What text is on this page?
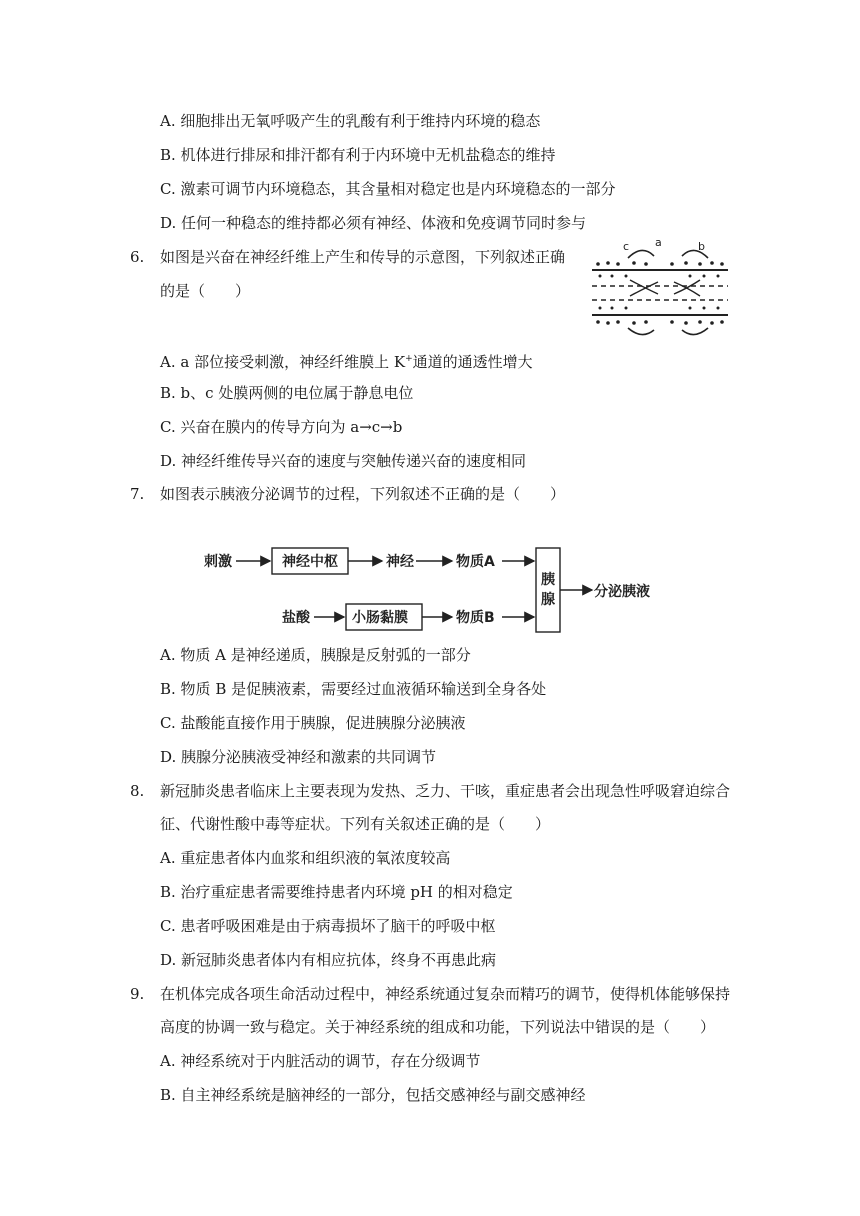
A. 细胞排出无氧呼吸产生的乳酸有利于维持内环境的稳态
B. 机体进行排尿和排汗都有利于内环境中无机盐稳态的维持
C. 激素可调节内环境稳态，其含量相对稳定也是内环境稳态的一部分
D. 任何一种稳态的维持都必须有神经、体液和免疫调节同时参与
6. 如图是兴奋在神经纤维上产生和传导的示意图，下列叙述正确
的是（　　）
c a	b
A. a 部位接受刺激，神经纤维膜上 K+通道的通透性增大
B. b、c 处膜两侧的电位属于静息电位
C. 兴奋在膜内的传导方向为 a→c→b
D. 神经纤维传导兴奋的速度与突触传递兴奋的速度相同
7. 如图表示胰液分泌调节的过程，下列叙述不正确的是（　　）
刺激	神经中枢	神经	物质A
盐酸	小肠黏膜	物质B
胰
腺	分泌胰液
A. 物质 A 是神经递质，胰腺是反射弧的一部分
B. 物质 B 是促胰液素，需要经过血液循环输送到全身各处
C. 盐酸能直接作用于胰腺，促进胰腺分泌胰液
D. 胰腺分泌胰液受神经和激素的共同调节
8. 新冠肺炎患者临床上主要表现为发热、乏力、干咳，重症患者会出现急性呼吸窘迫综合
征、代谢性酸中毒等症状。下列有关叙述正确的是（　　）
A. 重症患者体内血浆和组织液的氧浓度较高
B. 治疗重症患者需要维持患者内环境 pH 的相对稳定
C. 患者呼吸困难是由于病毒损坏了脑干的呼吸中枢
D. 新冠肺炎患者体内有相应抗体，终身不再患此病
9. 在机体完成各项生命活动过程中，神经系统通过复杂而精巧的调节，使得机体能够保持
高度的协调一致与稳定。关于神经系统的组成和功能，下列说法中错误的是（　　）
A. 神经系统对于内脏活动的调节，存在分级调节
B. 自主神经系统是脑神经的一部分，包括交感神经与副交感神经
